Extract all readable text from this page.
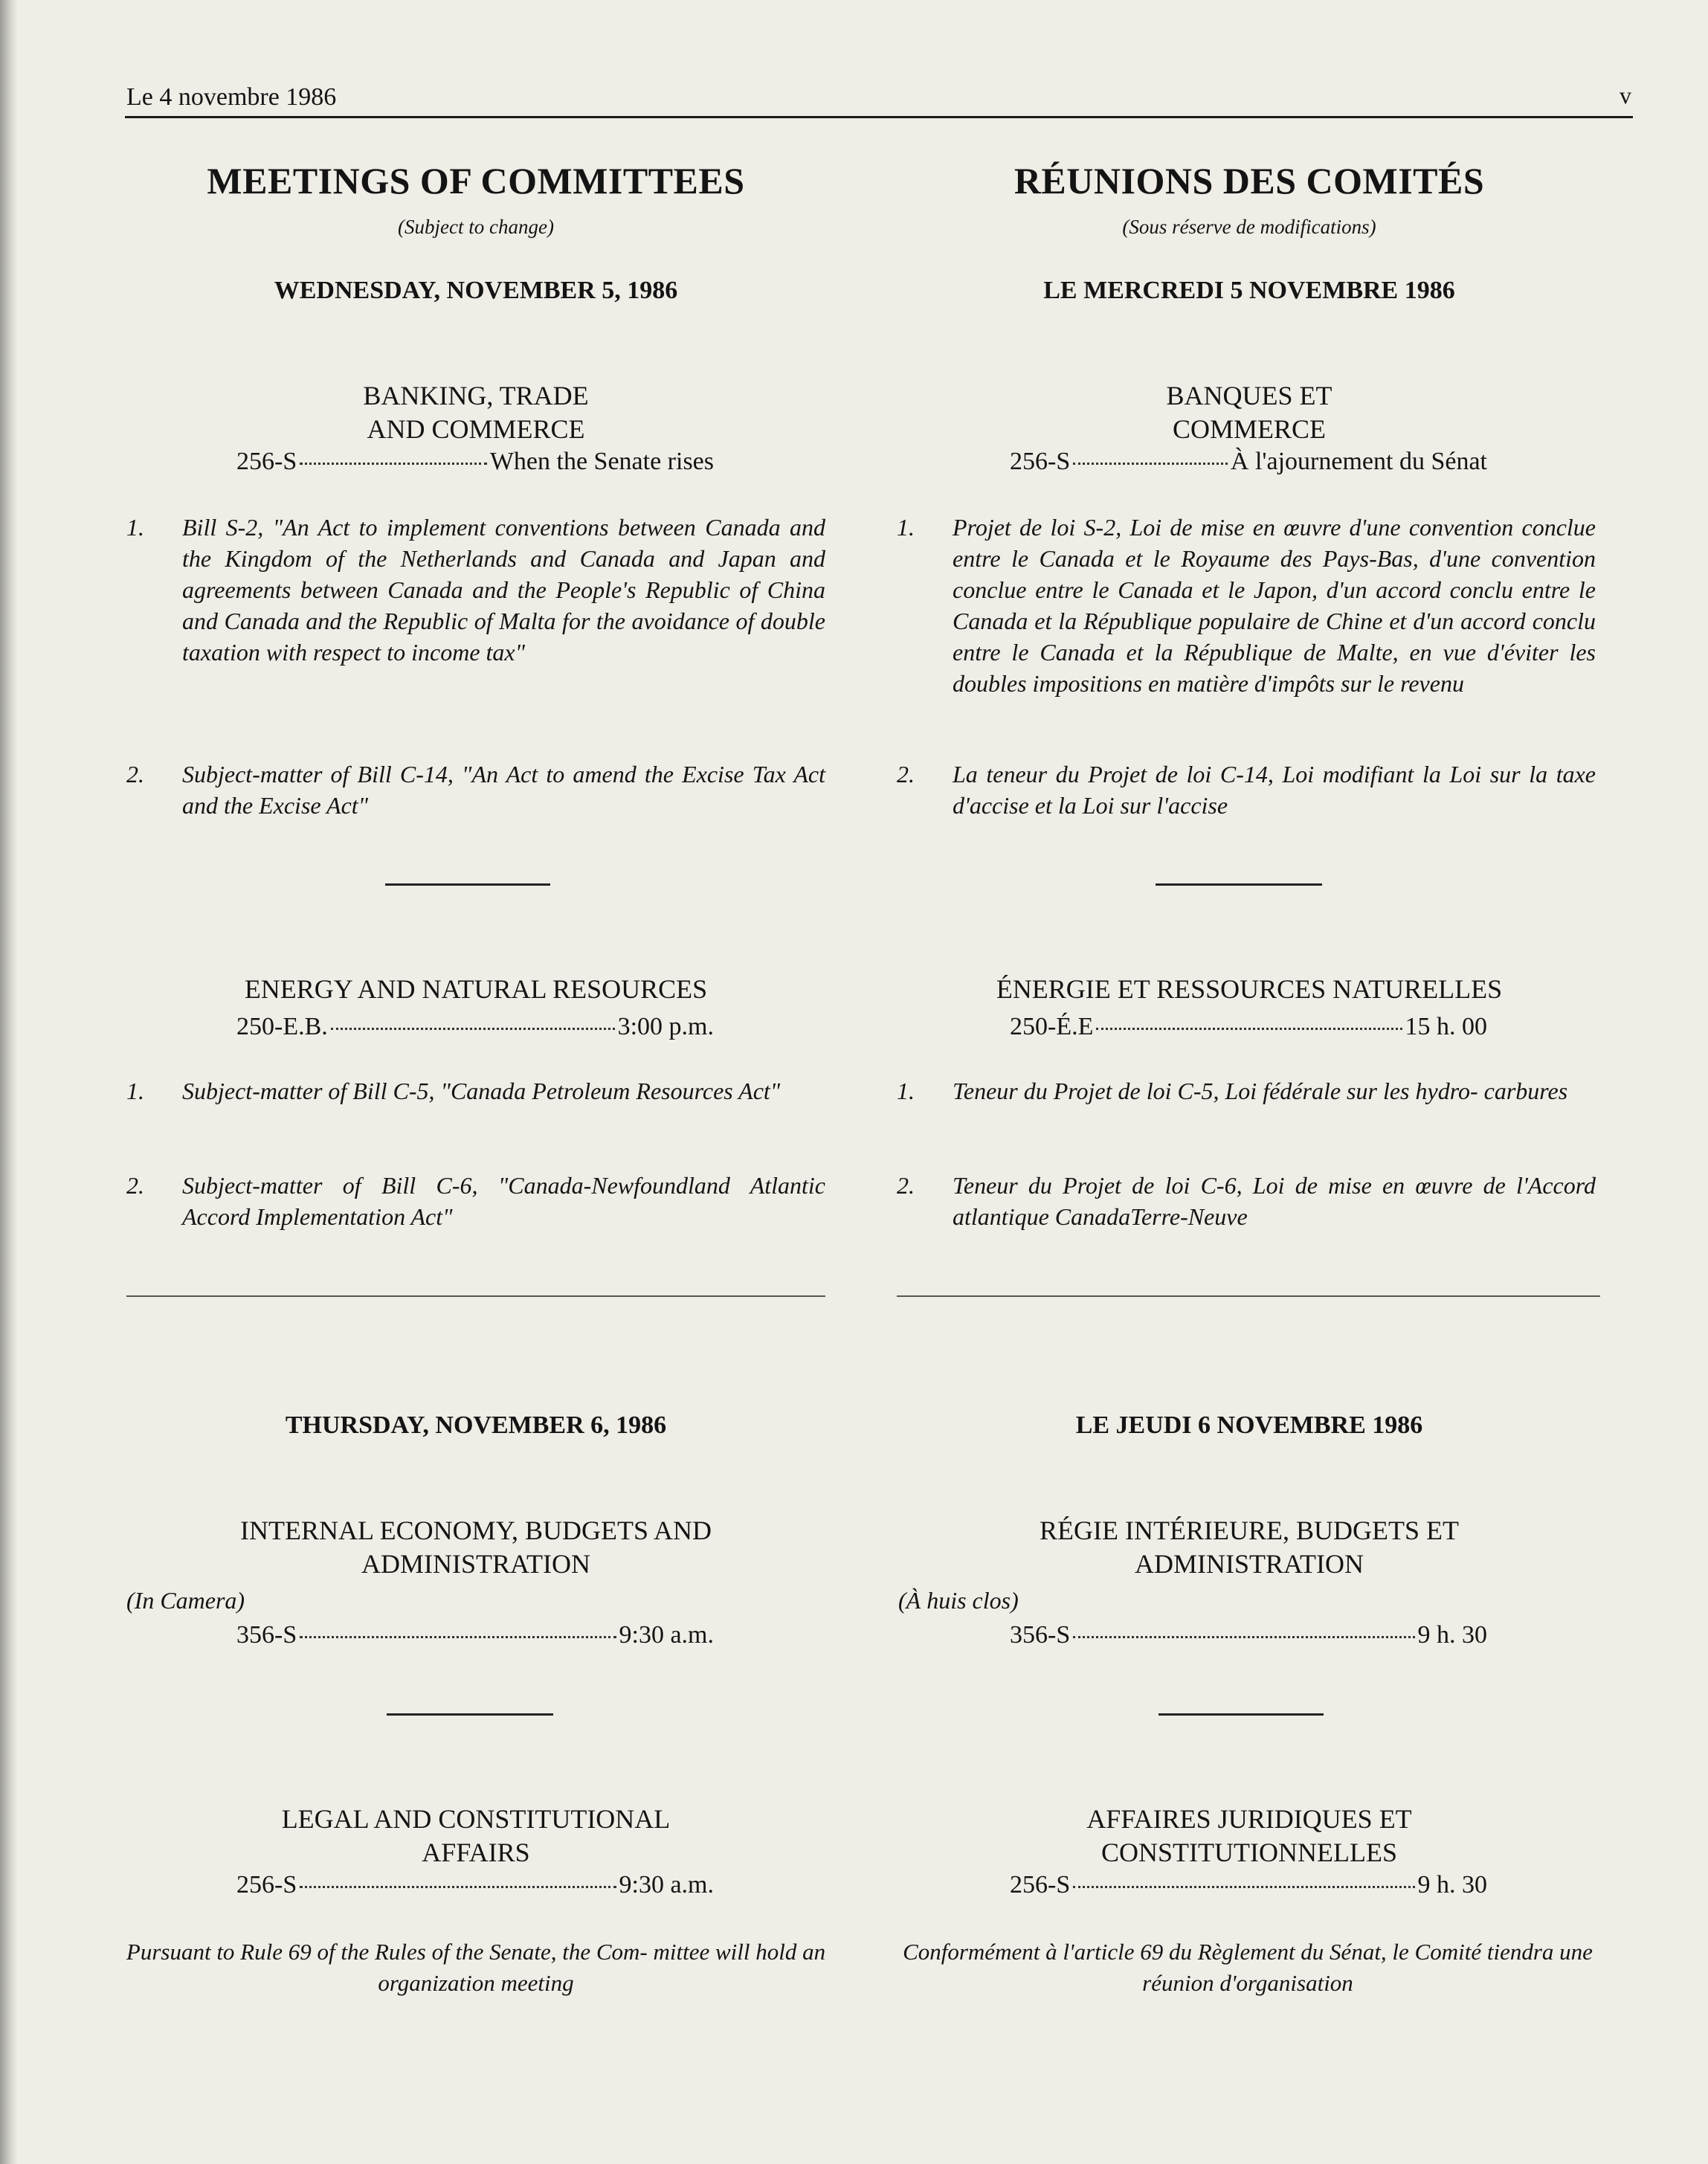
Le 4 novembre 1986	v
MEETINGS OF COMMITTEES
(Subject to change)
WEDNESDAY, NOVEMBER 5, 1986
BANKING, TRADE
AND COMMERCE
256-S	When the Senate rises
1.	Bill S-2, "An Act to implement conventions between Canada and the Kingdom of the Netherlands and Canada and Japan and agreements between Canada and the People's Republic of China and Canada and the Republic of Malta for the avoidance of double taxation with respect to income tax"
2.	Subject-matter of Bill C-14, "An Act to amend the Excise Tax Act and the Excise Act"
ENERGY AND NATURAL RESOURCES
250-E.B.	3:00 p.m.
1.	Subject-matter of Bill C-5, "Canada Petroleum Resources Act"
2.	Subject-matter of Bill C-6, "Canada-Newfoundland Atlantic Accord Implementation Act"
THURSDAY, NOVEMBER 6, 1986
INTERNAL ECONOMY, BUDGETS AND
ADMINISTRATION
(In Camera)
356-S	9:30 a.m.
LEGAL AND CONSTITUTIONAL
AFFAIRS
256-S	9:30 a.m.
Pursuant to Rule 69 of the Rules of the Senate, the Com- mittee will hold an organization meeting
RÉUNIONS DES COMITÉS
(Sous réserve de modifications)
LE MERCREDI 5 NOVEMBRE 1986
BANQUES ET
COMMERCE
256-S	À l'ajournement du Sénat
1.	Projet de loi S-2, Loi de mise en œuvre d'une convention conclue entre le Canada et le Royaume des Pays-Bas, d'une convention conclue entre le Canada et le Japon, d'un accord conclu entre le Canada et la République populaire de Chine et d'un accord conclu entre le Canada et la République de Malte, en vue d'éviter les doubles impositions en matière d'impôts sur le revenu
2.	La teneur du Projet de loi C-14, Loi modifiant la Loi sur la taxe d'accise et la Loi sur l'accise
ÉNERGIE ET RESSOURCES NATURELLES
250-É.E	15 h. 00
1.	Teneur du Projet de loi C-5, Loi fédérale sur les hydro- carbures
2.	Teneur du Projet de loi C-6, Loi de mise en œuvre de l'Accord atlantique CanadaTerre-Neuve
LE JEUDI 6 NOVEMBRE 1986
RÉGIE INTÉRIEURE, BUDGETS ET
ADMINISTRATION
(À huis clos)
356-S	9 h. 30
AFFAIRES JURIDIQUES ET
CONSTITUTIONNELLES
256-S	9 h. 30
Conformément à l'article 69 du Règlement du Sénat, le Comité tiendra une réunion d'organisation
